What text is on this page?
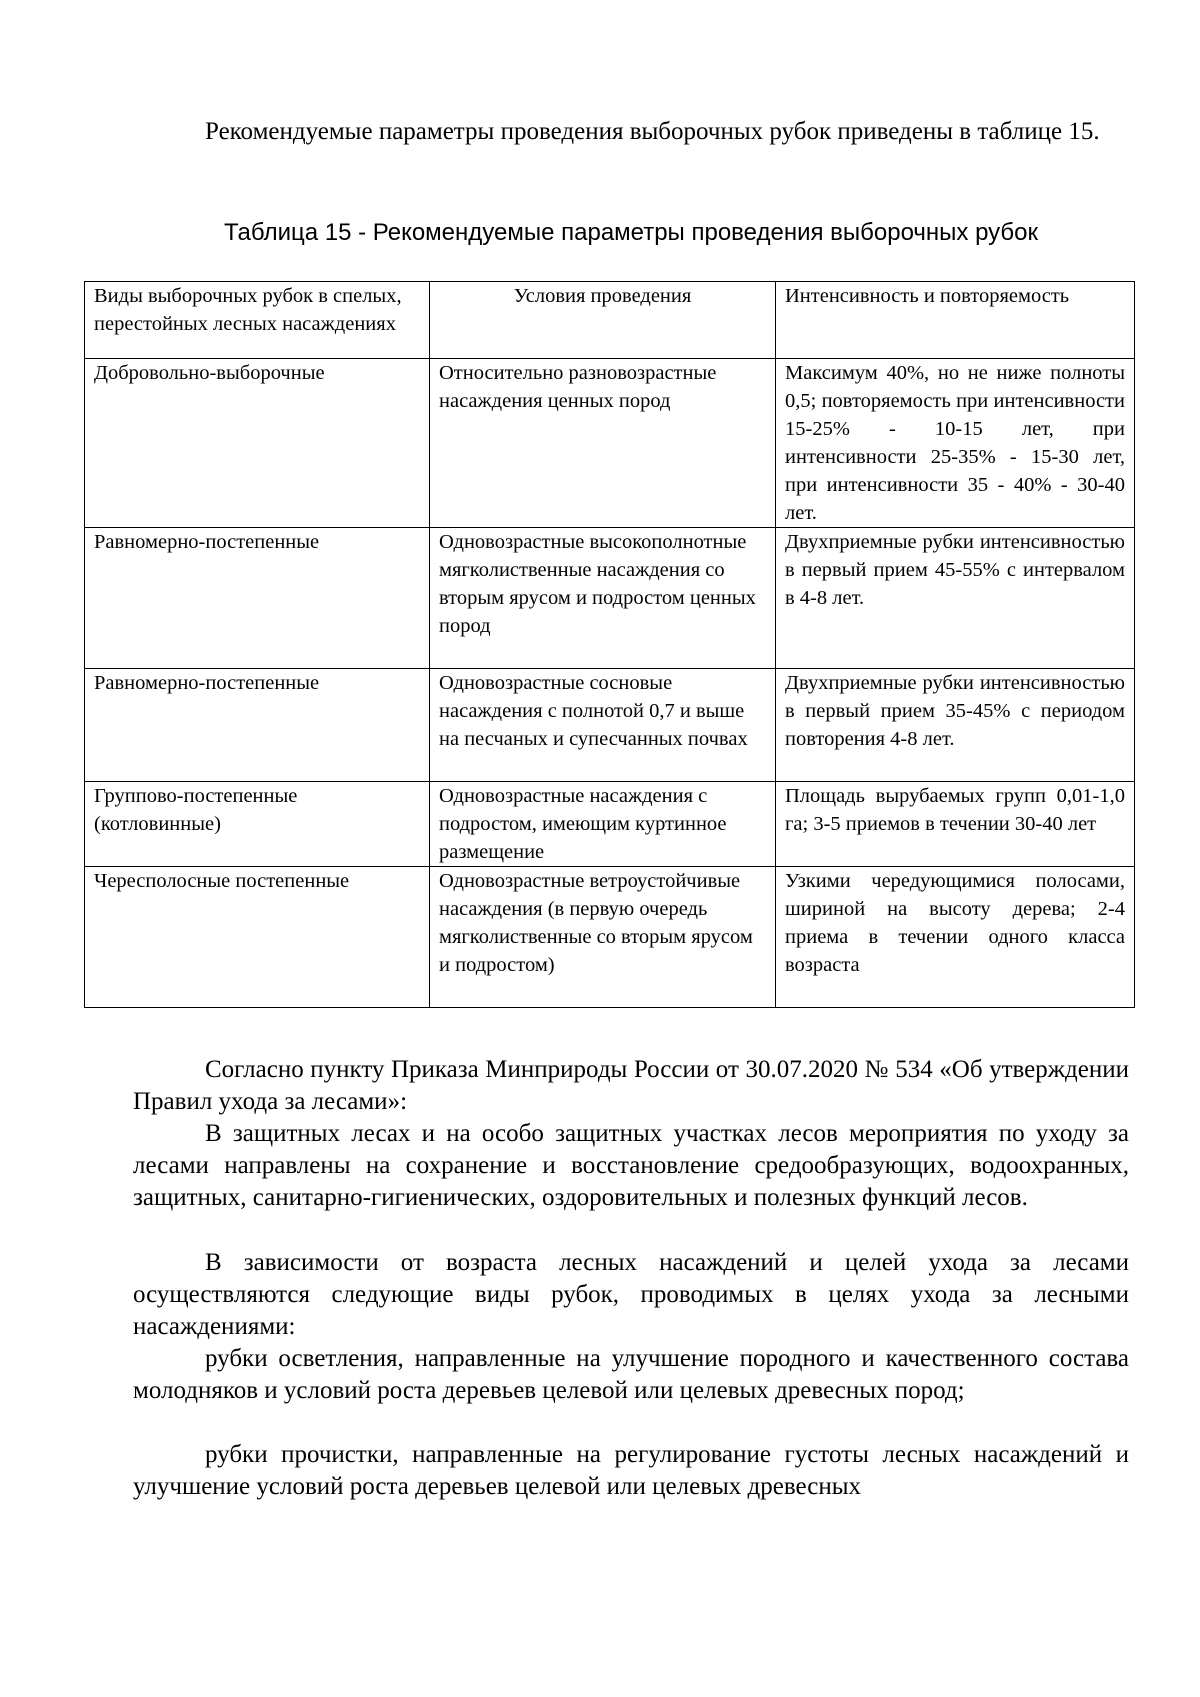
Рекомендуемые параметры проведения выборочных рубок приведены в таблице 15.

Таблица 15 - Рекомендуемые параметры проведения выборочных рубок

Виды выборочных рубок в спелых, перестойных лесных насаждениях	Условия проведения	Интенсивность и повторяемость
Добровольно-выборочные	Относительно разновозрастные насаждения ценных пород	Максимум 40%, но не ниже полноты 0,5; повторяемость при интенсивности 15-25% - 10-15 лет, при интенсивности 25-35% - 15-30 лет, при интенсивности 35 - 40% - 30-40 лет.
Равномерно-постепенные	Одновозрастные высокополнотные мягколиственные насаждения со вторым ярусом и подростом ценных пород	Двухприемные рубки интенсивностью в первый прием 45-55% с интервалом в 4-8 лет.
Равномерно-постепенные	Одновозрастные сосновые насаждения с полнотой 0,7 и выше на песчаных и супесчанных почвах	Двухприемные рубки интенсивностью в первый прием 35-45% с периодом повторения 4-8 лет.
Группово-постепенные (котловинные)	Одновозрастные насаждения с подростом, имеющим куртинное размещение	Площадь вырубаемых групп 0,01-1,0 га; 3-5 приемов в течении 30-40 лет
Чересполосные постепенные	Одновозрастные ветроустойчивые насаждения (в первую очередь мягколиственные со вторым ярусом и подростом)	Узкими чередующимися полосами, шириной на высоту дерева; 2-4 приема в течении одного класса возраста

Согласно пункту Приказа Минприроды России от 30.07.2020 № 534 «Об утверждении Правил ухода за лесами»:

В защитных лесах и на особо защитных участках лесов мероприятия по уходу за лесами направлены на сохранение и восстановление средообразующих, водоохранных, защитных, санитарно-гигиенических, оздоровительных и полезных функций лесов.

В зависимости от возраста лесных насаждений и целей ухода за лесами осуществляются следующие виды рубок, проводимых в целях ухода за лесными насаждениями:

рубки осветления, направленные на улучшение породного и качественного состава молодняков и условий роста деревьев целевой или целевых древесных пород;

рубки прочистки, направленные на регулирование густоты лесных насаждений и улучшение условий роста деревьев целевой или целевых древесных
